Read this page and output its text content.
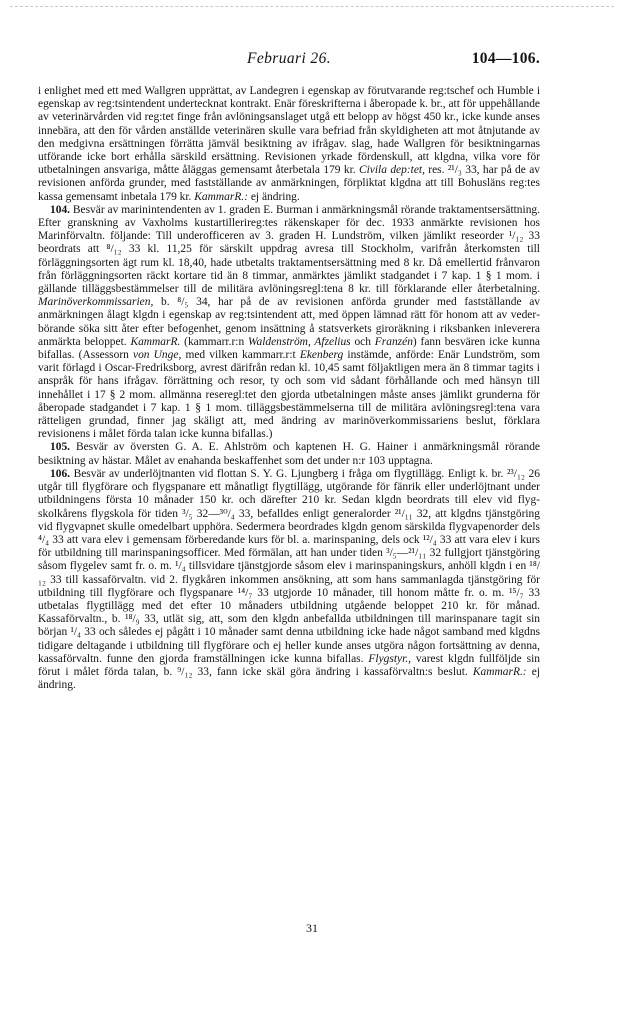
Februari 26.	104—106.

i enlighet med ett med Wallgren upprättat, av Landegren i egenskap av förutvarande reg:tschef och Humble i egenskap av reg:tsintendent undertecknat kontrakt. Enär föreskrifterna i åberopade k. br., att för uppehållande av veterinärvården vid reg:tet finge från avlöningsanslaget utgå ett belopp av högst 450 kr., icke kunde anses innebära, att den för vården anställde veterinären skulle vara befriad från skyldigheten att mot åtnjutande av den medgivna ersättningen förrätta jämväl besiktning av ifrågav. slag, hade Wallgren för besiktningarnas utförande icke bort erhålla särskild ersättning. Revisionen yrkade fördenskull, att klgdna, vilka vore för utbetalningen ansvariga, måtte åläggas gemensamt återbetala 179 kr. Civila dep:tet, res. ²¹/₃ 33, har på de av revisionen anförda grunder, med fastställande av anmärkningen, förpliktat klgdna att till Bohusläns reg:tes kassa gemensamt inbetala 179 kr. KammarR.: ej ändring.

104. Besvär av marinintendenten av 1. graden E. Burman i anmärkningsmål rörande traktamentsersättning. Efter granskning av Vaxholms kustartillerireg:tes räkenskaper för dec. 1933 anmärkte revisionen hos Marinförvaltn. följande: Till underofficeren av 3. graden H. Lundström, vilken jämlikt reseorder ¹/₁₂ 33 beordrats att ⁸/₁₂ 33 kl. 11,25 för särskilt uppdrag avresa till Stockholm, varifrån återkomsten till förläggningsorten ägt rum kl. 18,40, hade utbetalts traktamentsersättning med 8 kr. Då emellertid frånvaron från förläggningsorten räckt kortare tid än 8 timmar, anmärktes jämlikt stadgandet i 7 kap. 1 § 1 mom. i gällande tilläggsbestämmelser till de militära avlöningsregl:tena 8 kr. till förklarande eller återbetalning. Marinöverkommissarien, b. ⁸/₅ 34, har på de av revisionen anförda grunder med fastställande av anmärkningen ålagt klgdn i egenskap av reg:tsintendent att, med öppen lämnad rätt för honom att av vederbörande söka sitt åter efter befogenhet, genom insättning å statsverkets giroräkning i riksbanken inleverera anmärkta beloppet. KammarR. (kammarr.r:n Waldenström, Afzelius och Franzén) fann besvären icke kunna bifallas. (Assessorn von Unge, med vilken kammarr.r:t Ekenberg instämde, anförde: Enär Lundström, som varit förlagd i Oscar-Fredriksborg, avrest därifrån redan kl. 10,45 samt följaktligen mera än 8 timmar tagits i anspråk för hans ifrågav. förrättning och resor, ty och som vid sådant förhållande och med hänsyn till innehållet i 17 § 2 mom. allmänna reseregl:tet den gjorda utbetalningen måste anses jämlikt grunderna för åberopade stadgandet i 7 kap. 1 § 1 mom. tilläggsbestämmelserna till de militära avlöningsregl:tena vara rätteligen grundad, finner jag skäligt att, med ändring av marinöverkommissariens beslut, förklara revisionens i målet förda talan icke kunna bifallas.)

105. Besvär av översten G. A. E. Ahlström och kaptenen H. G. Hainer i anmärkningsmål rörande besiktning av hästar. Målet av enahanda beskaffenhet som det under n:r 103 upptagna.

106. Besvär av underlöjtnanten vid flottan S. Y. G. Ljungberg i fråga om flygtillägg. Enligt k. br. ²³/₁₂ 26 utgår till flygförare och flygspanare ett månatligt flygtillägg, utgörande för fänrik eller underlöjtnant under utbildningens första 10 månader 150 kr. och därefter 210 kr. Sedan klgdn beordrats till elev vid flygskolkårens flygskola för tiden ³/₅ 32—³⁰/₄ 33, befalldes enligt generalorder ²¹/₁₁ 32, att klgdns tjänstgöring vid flygvapnet skulle omedelbart upphöra. Sedermera beordrades klgdn genom särskilda flygvapenorder dels ⁴/₄ 33 att vara elev i gemensam förberedande kurs för bl. a. marinspaning, dels ock ¹²/₄ 33 att vara elev i kurs för utbildning till marinspaningsofficer. Med förmälan, att han under tiden ³/₅—²¹/₁₁ 32 fullgjort tjänstgöring såsom flygelev samt fr. o. m. ¹/₄ tillsvidare tjänstgjorde såsom elev i marinspaningskurs, anhöll klgdn i en ¹⁸/₁₂ 33 till kassaförvaltn. vid 2. flygkåren inkommen ansökning, att som hans sammanlagda tjänstgöring för utbildning till flygförare och flygspanare ¹⁴/₇ 33 utgjorde 10 månader, till honom måtte fr. o. m. ¹⁵/₇ 33 utbetalas flygtillägg med det efter 10 månaders utbildning utgående beloppet 210 kr. för månad. Kassaförvaltn., b. ¹⁸/₉ 33, utlät sig, att, som den klgdn anbefallda utbildningen till marinspanare tagit sin början ¹/₄ 33 och således ej pågått i 10 månader samt denna utbildning icke hade något samband med klgdns tidigare deltagande i utbildning till flygförare och ej heller kunde anses utgöra någon fortsättning av denna, kassaförvaltn. funne den gjorda framställningen icke kunna bifallas. Flygstyr., varest klgdn fullföljde sin förut i målet förda talan, b. ⁹/₁₂ 33, fann icke skäl göra ändring i kassaförvaltn:s beslut. KammarR.: ej ändring.

31
